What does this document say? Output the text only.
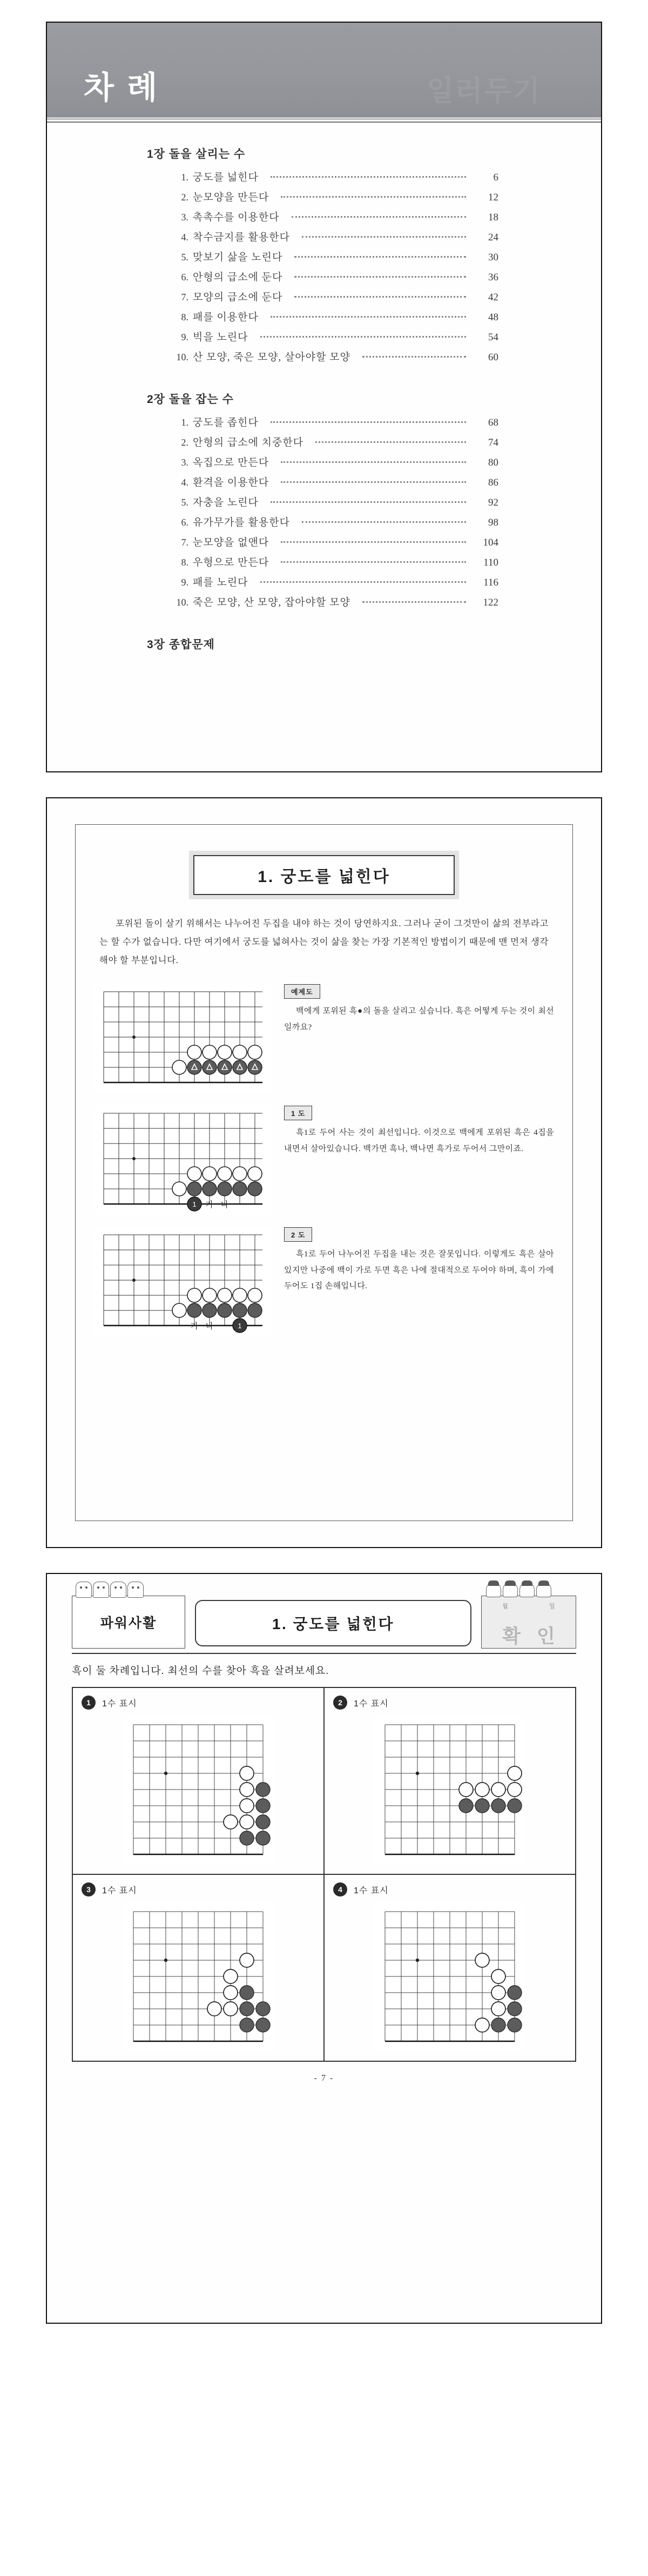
차 례	일러두기
1장 돌을 살리는 수
1. 궁도를 넓힌다	6
2. 눈모양을 만든다	12
3. 촉촉수를 이용한다	18
4. 착수금지를 활용한다	24
5. 맞보기 삶을 노린다	30
6. 안형의 급소에 둔다	36
7. 모양의 급소에 둔다	42
8. 패를 이용한다	48
9. 빅을 노린다	54
10. 산 모양, 죽은 모양, 살아야할 모양	60
2장 돌을 잡는 수
1. 궁도를 좁힌다	68
2. 안형의 급소에 치중한다	74
3. 옥집으로 만든다	80
4. 환격을 이용한다	86
5. 자충을 노린다	92
6. 유가무가를 활용한다	98
7. 눈모양을 없앤다	104
8. 우형으로 만든다	110
9. 패를 노린다	116
10. 죽은 모양, 산 모양, 잡아야할 모양	122
3장 종합문제
1. 궁도를 넓힌다

포위된 돌이 살기 위해서는 나누어진 두집을 내야 하는 것이 당연하지요. 그러나 굳이 그것만이 삶의 전부라고는 할 수가 없습니다. 다만 여기에서 궁도를 넓혀사는 것이 삶을 찾는 가장 기본적인 방법이기 때문에 맨 먼저 생각해야 할 부분입니다.

예제도
백에게 포위된 흑●의 돌을 살리고 싶습니다. 흑은 어떻게 두는 것이 최선일까요?
1 가 나
1 도
흑1로 두어 사는 것이 최선입니다. 이것으로 백에게 포위된 흑은 4집을 내면서 살아있습니다. 백가면 흑나, 백나면 흑가로 두어서 그만이죠.
1
가 나
2 도
흑1로 두어 나누어진 두집을 내는 것은 잘못입니다. 이렇게도 흑은 살아 있지만 나중에 백이 가로 두면 흑은 나에 절대적으로 두어야 하며, 흑이 가에 두어도 1집 손해입니다.
파워사활	1. 궁도를 넓힌다
월	일
확인
흑이 둘 차례입니다. 최선의 수를 찾아 흑을 살려보세요.
1	1수 표시	2	1수 표시
3	1수 표시	4	1수 표시
- 7 -
